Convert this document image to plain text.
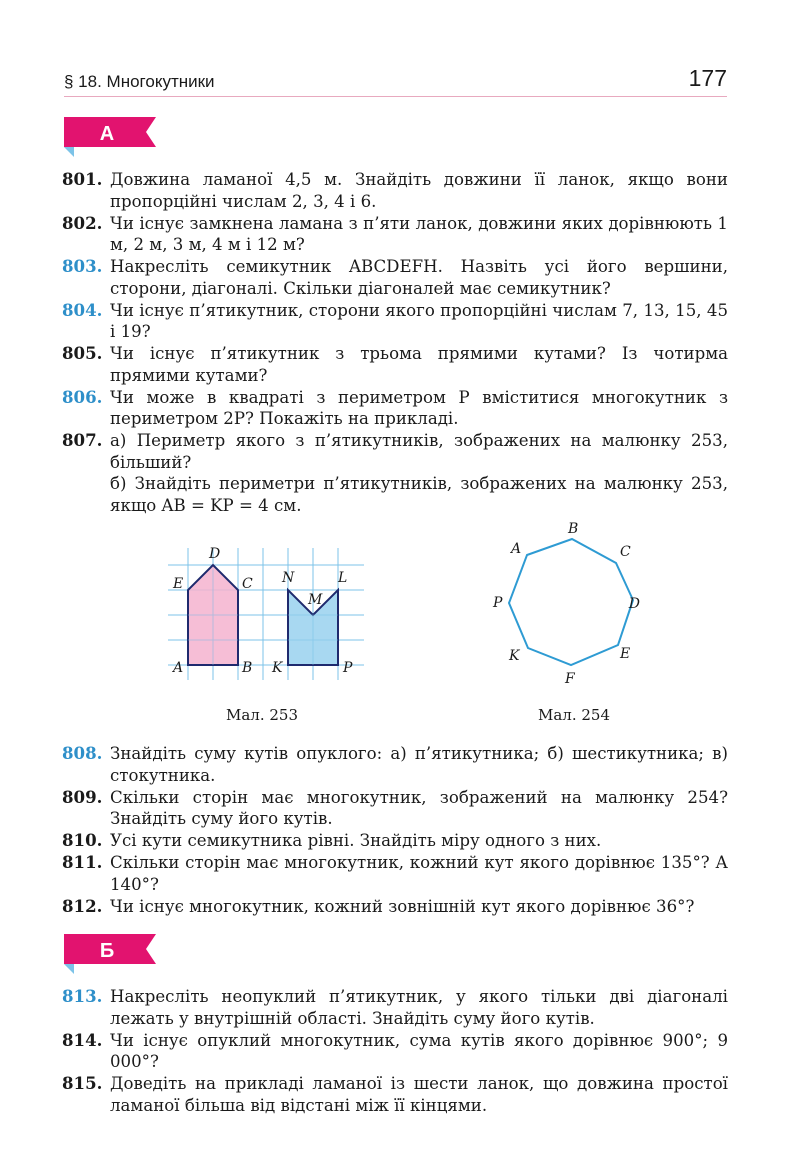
§ 18. Многокутники	177
А
801. Довжина ламаної 4,5 м. Знайдіть довжини її ланок, якщо вони пропорційні числам 2, 3, 4 і 6.
802. Чи існує замкнена ламана з п’яти ланок, довжини яких дорівнюють 1 м, 2 м, 3 м, 4 м і 12 м?
803. Накресліть семикутник ABCDEFH. Назвіть усі його вершини, сторони, діагоналі. Скільки діагоналей має семикутник?
804. Чи існує п’ятикутник, сторони якого пропорційні числам 7, 13, 15, 45 і 19?
805. Чи існує п’ятикутник з трьома прямими кутами? Із чотирма прямими кутами?
806. Чи може в квадраті з периметром P вміститися многокутник з периметром 2P? Покажіть на прикладі.
807. а) Периметр якого з п’ятикутників, зображених на малюнку 253, більший?
б) Знайдіть периметри п’ятикутників, зображених на малюнку 253, якщо AB = KP = 4 см.
D
E	C
A	B
N
M
L
K	P
A
B
C
D
E
F
K
P
Мал. 253	Мал. 254
808. Знайдіть суму кутів опуклого: а) п’ятикутника; б) шестикутника; в) стокутника.
809. Скільки сторін має многокутник, зображений на малюнку 254? Знайдіть суму його кутів.
810. Усі кути семикутника рівні. Знайдіть міру одного з них.
811. Скільки сторін має многокутник, кожний кут якого дорівнює 135°? А 140°?
812. Чи існує многокутник, кожний зовнішній кут якого дорівнює 36°?
Б
813. Накресліть неопуклий п’ятикутник, у якого тільки дві діагоналі лежать у внутрішній області. Знайдіть суму його кутів.
814. Чи існує опуклий многокутник, сума кутів якого дорівнює 900°; 9 000°?
815. Доведіть на прикладі ламаної із шести ланок, що довжина простої ламаної більша від відстані між її кінцями.
